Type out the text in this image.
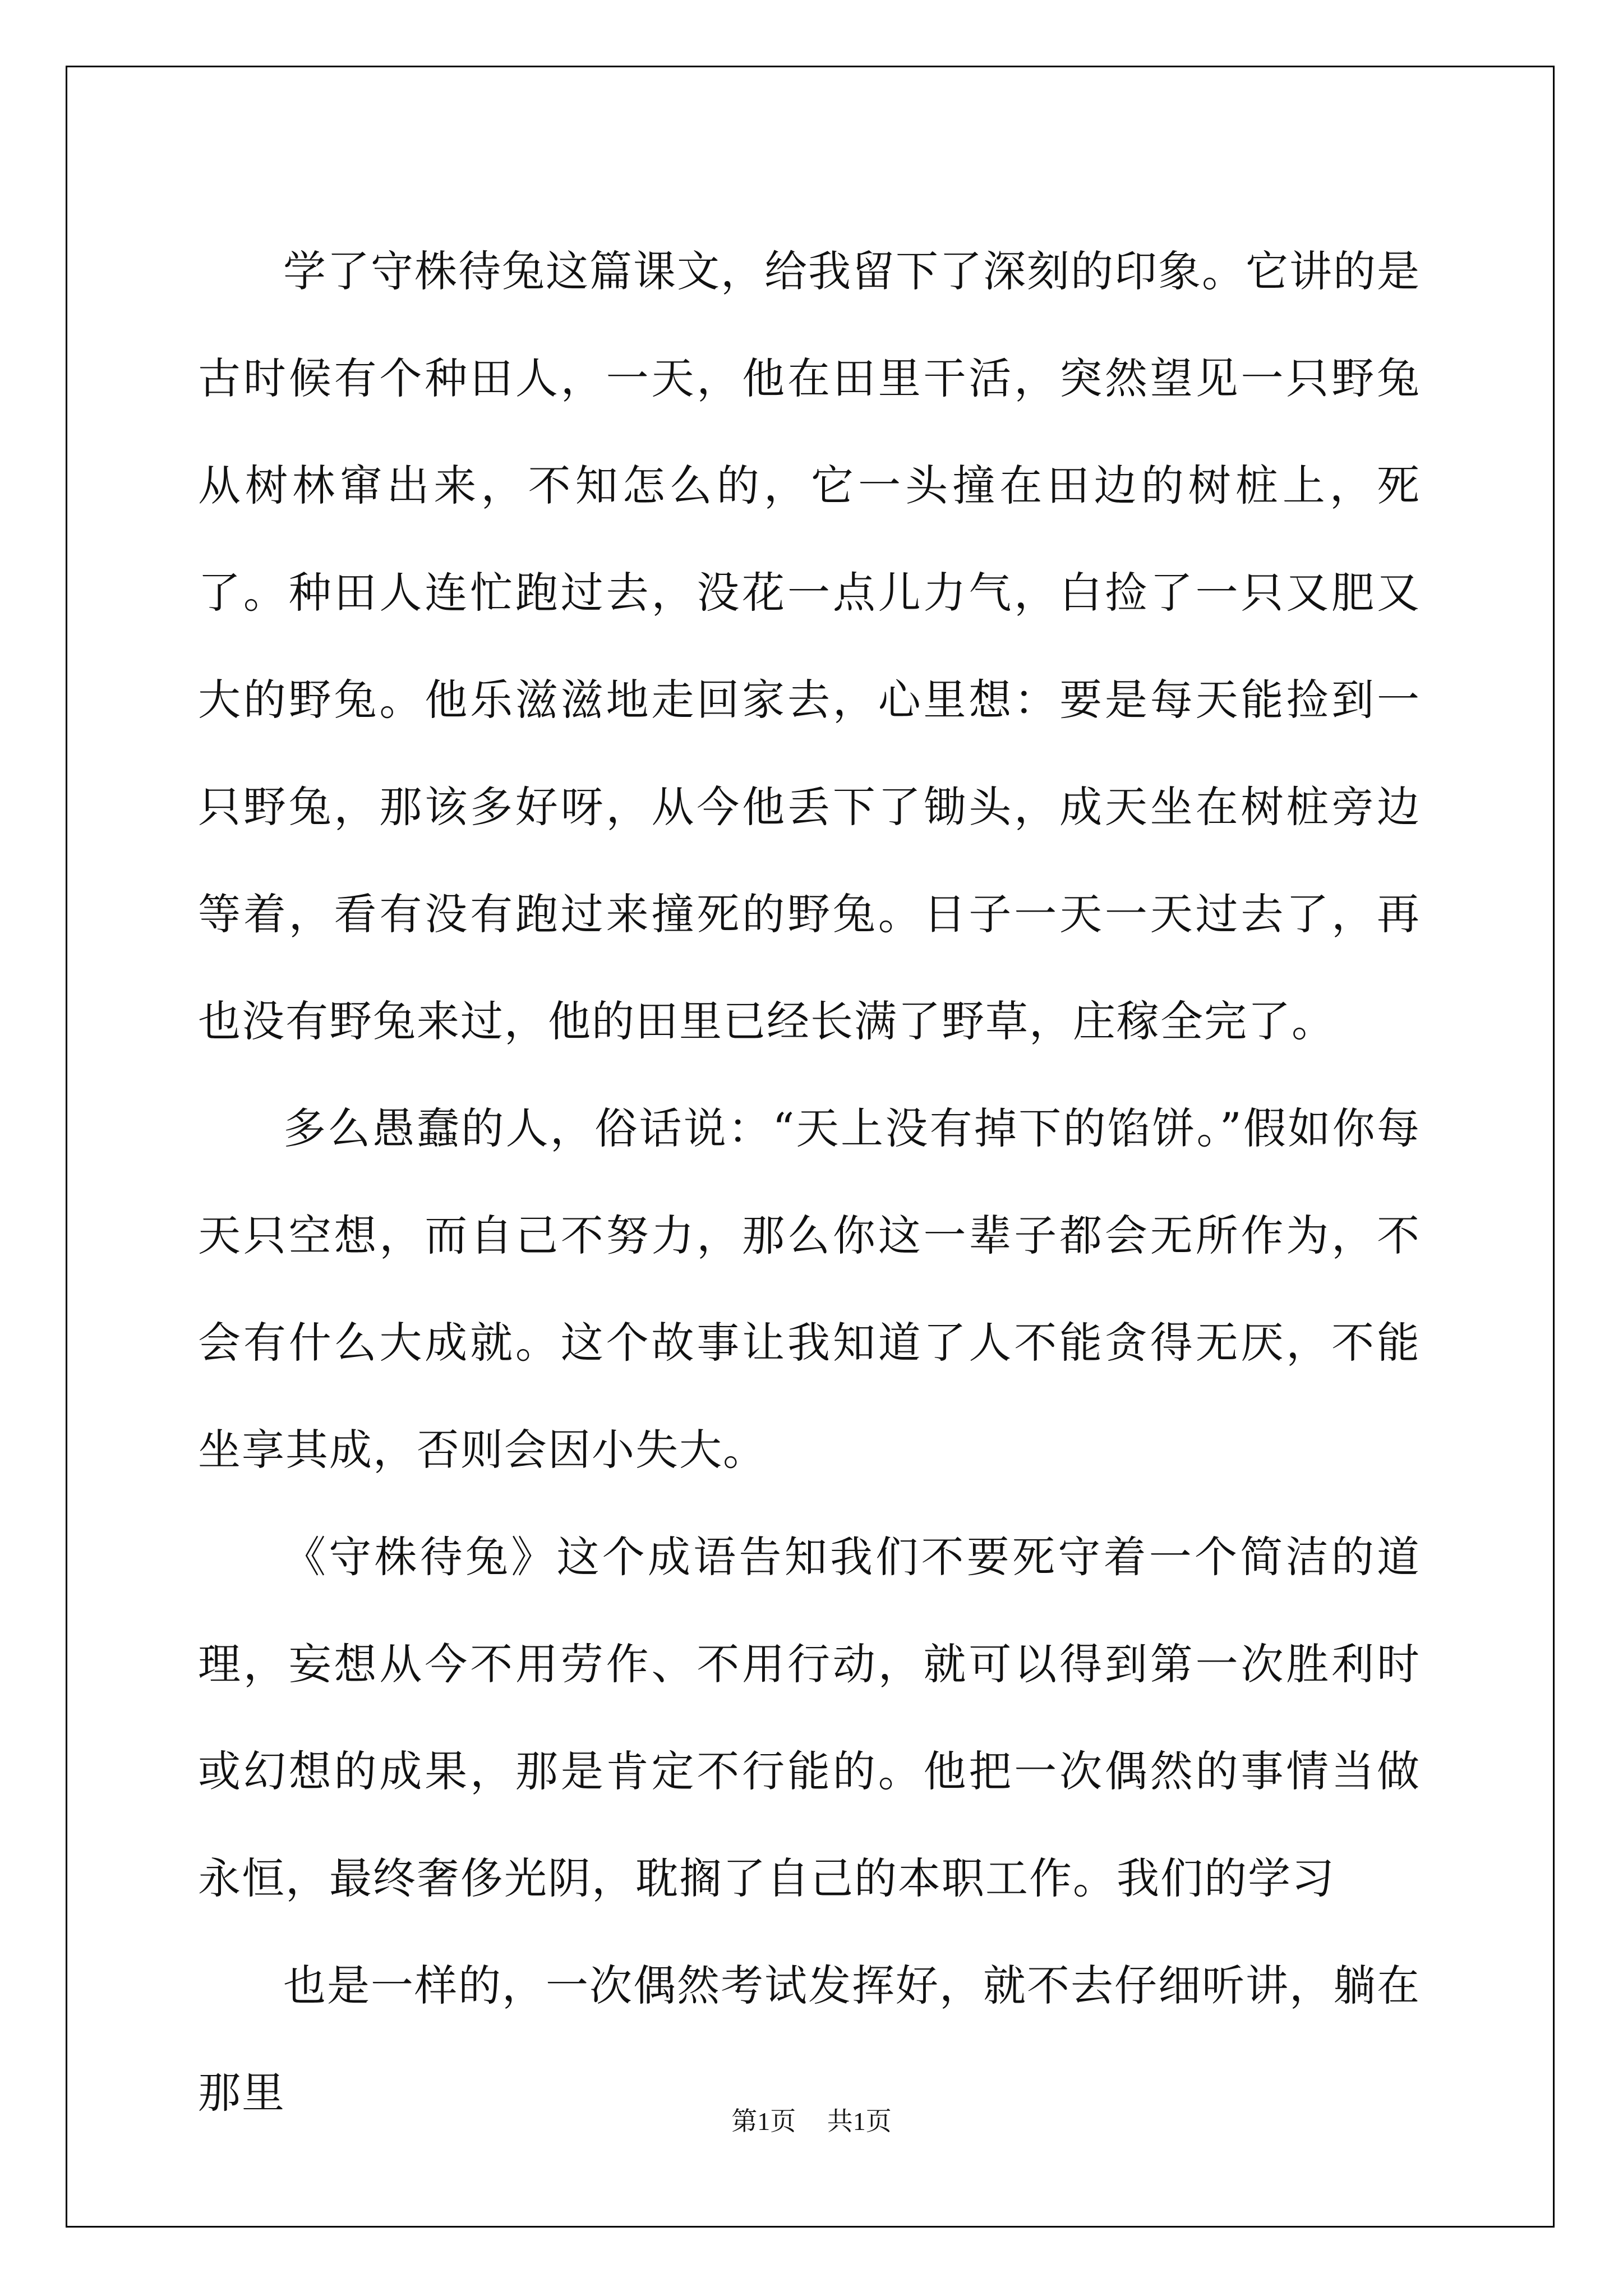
学了守株待兔这篇课文，给我留下了深刻的印象。它讲的是古时候有个种田人，一天，他在田里干活，突然望见一只野兔从树林窜出来，不知怎么的，它一头撞在田边的树桩上，死了。种田人连忙跑过去，没花一点儿力气，白捡了一只又肥又大的野兔。他乐滋滋地走回家去，心里想：要是每天能捡到一只野兔，那该多好呀，从今他丢下了锄头，成天坐在树桩旁边等着，看有没有跑过来撞死的野兔。日子一天一天过去了，再也没有野兔来过，他的田里已经长满了野草，庄稼全完了。

多么愚蠢的人，俗话说：“天上没有掉下的馅饼。”假如你每天只空想，而自己不努力，那么你这一辈子都会无所作为，不会有什么大成就。这个故事让我知道了人不能贪得无厌，不能坐享其成，否则会因小失大。

《守株待兔》这个成语告知我们不要死守着一个简洁的道理，妄想从今不用劳作、不用行动，就可以得到第一次胜利时或幻想的成果，那是肯定不行能的。他把一次偶然的事情当做永恒，最终奢侈光阴，耽搁了自己的本职工作。我们的学习

也是一样的，一次偶然考试发挥好，就不去仔细听讲，躺在那里

第1页 共1页
